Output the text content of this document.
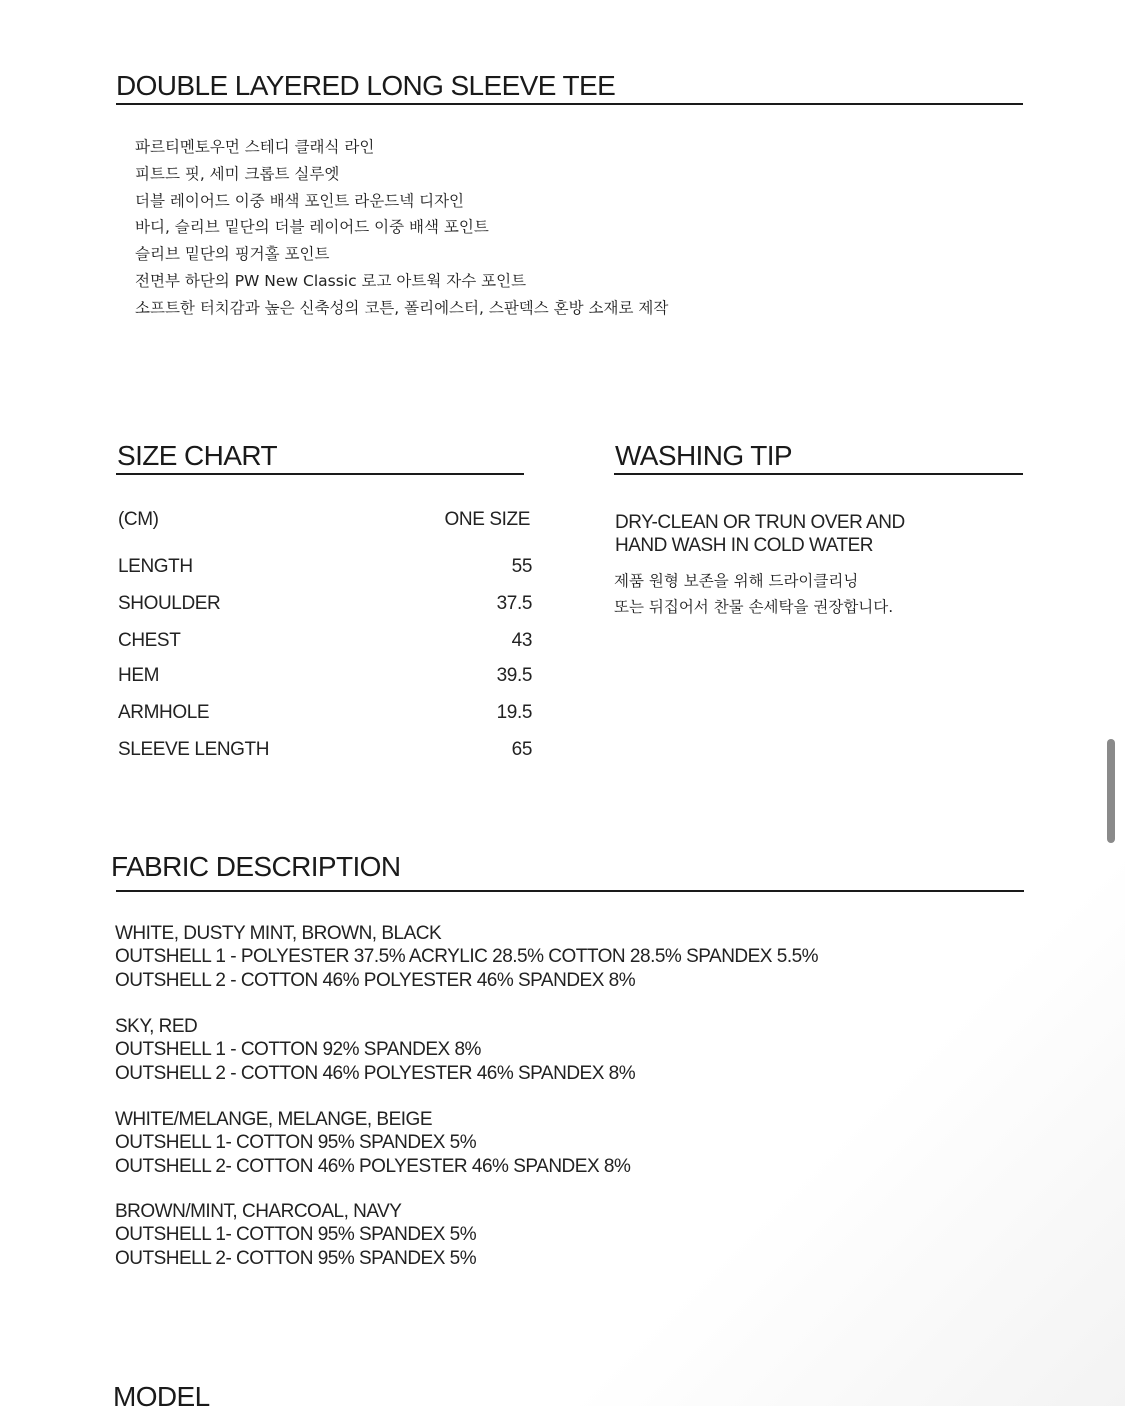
DOUBLE LAYERED LONG SLEEVE TEE
파르티멘토우먼 스테디 클래식 라인
피트드 핏, 세미 크롭트 실루엣
더블 레이어드 이중 배색 포인트 라운드넥 디자인
바디, 슬리브 밑단의 더블 레이어드 이중 배색 포인트
슬리브 밑단의 핑거홀 포인트
전면부 하단의 PW New Classic 로고 아트웍 자수 포인트
소프트한 터치감과 높은 신축성의 코튼, 폴리에스터, 스판덱스 혼방 소재로 제작
SIZE CHART
(CM)	ONE SIZE
LENGTH	55
SHOULDER	37.5
CHEST	43
HEM	39.5
ARMHOLE	19.5
SLEEVE LENGTH	65
WASHING TIP
DRY-CLEAN OR TRUN OVER AND
HAND WASH IN COLD WATER
제품 원형 보존을 위해 드라이클리닝
또는 뒤집어서 찬물 손세탁을 권장합니다.
FABRIC DESCRIPTION
WHITE, DUSTY MINT, BROWN, BLACK
OUTSHELL 1 - POLYESTER 37.5% ACRYLIC 28.5% COTTON 28.5% SPANDEX 5.5%
OUTSHELL 2 - COTTON 46% POLYESTER 46% SPANDEX 8%
SKY, RED
OUTSHELL 1 - COTTON 92% SPANDEX 8%
OUTSHELL 2 - COTTON 46% POLYESTER 46% SPANDEX 8%
WHITE/MELANGE, MELANGE, BEIGE
OUTSHELL 1- COTTON 95% SPANDEX 5%
OUTSHELL 2- COTTON 46% POLYESTER 46% SPANDEX 8%
BROWN/MINT, CHARCOAL, NAVY
OUTSHELL 1- COTTON 95% SPANDEX 5%
OUTSHELL 2- COTTON 95% SPANDEX 5%
MODEL
